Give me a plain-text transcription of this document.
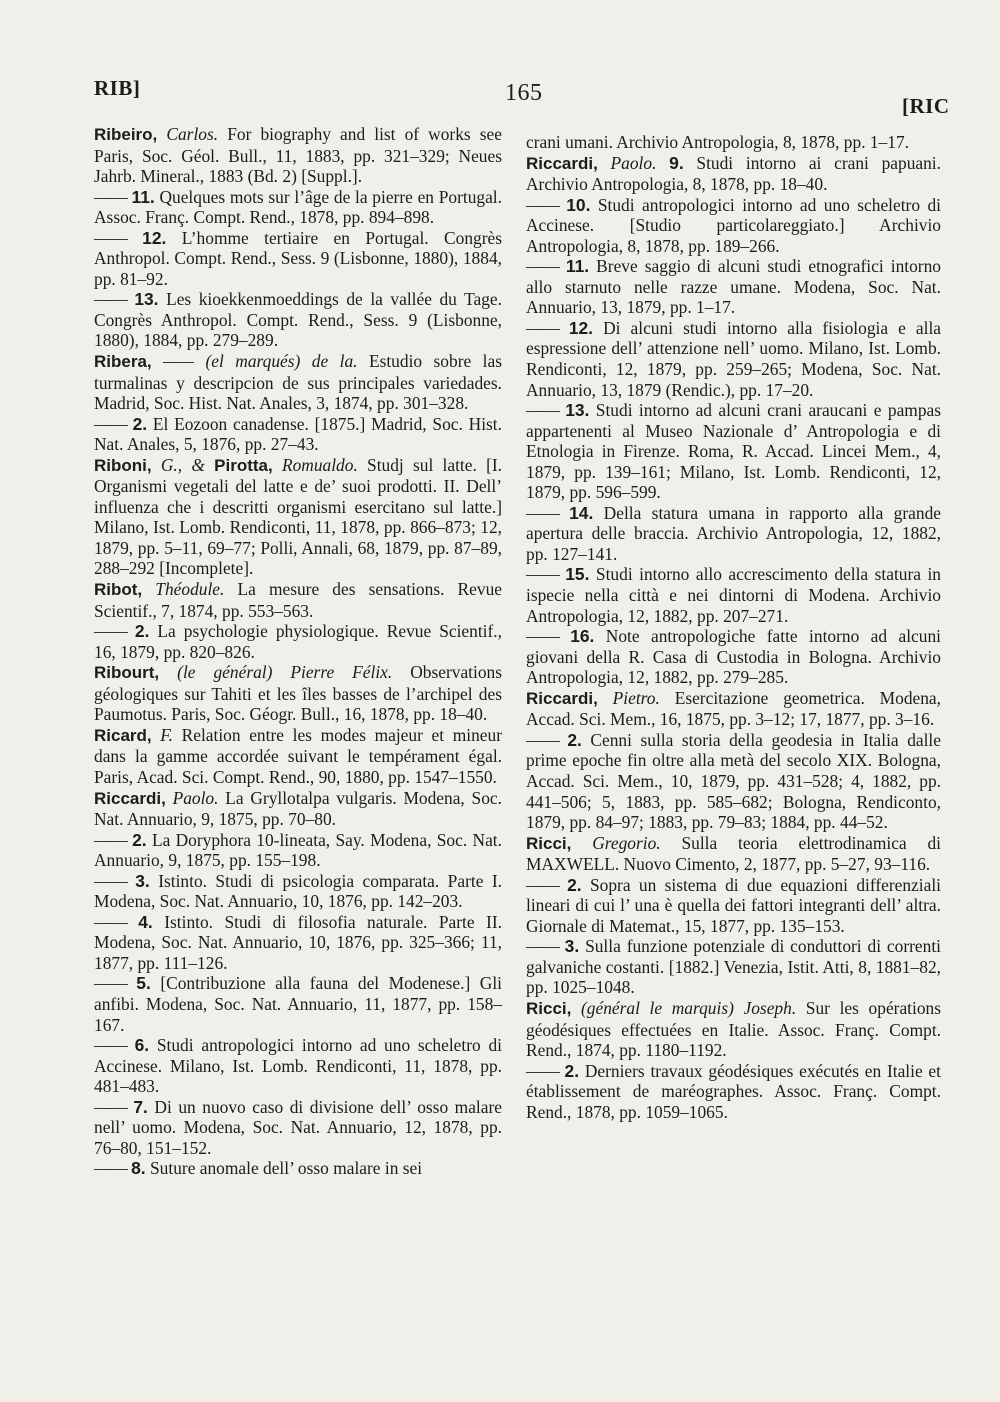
RIB]	165	[RIC

Ribeiro, Carlos. For biography and list of works see Paris, Soc. Géol. Bull., 11, 1883, pp. 321–329; Neues Jahrb. Mineral., 1883 (Bd. 2) [Suppl.].

—— 11. Quelques mots sur l’âge de la pierre en Portugal. Assoc. Franç. Compt. Rend., 1878, pp. 894–898.

—— 12. L’homme tertiaire en Portugal. Congrès Anthropol. Compt. Rend., Sess. 9 (Lisbonne, 1880), 1884, pp. 81–92.

—— 13. Les kioekkenmoeddings de la vallée du Tage. Congrès Anthropol. Compt. Rend., Sess. 9 (Lisbonne, 1880), 1884, pp. 279–289.

Ribera, —— (el marqués) de la. Estudio sobre las turmalinas y descripcion de sus principales variedades. Madrid, Soc. Hist. Nat. Anales, 3, 1874, pp. 301–328.

—— 2. El Eozoon canadense. [1875.] Madrid, Soc. Hist. Nat. Anales, 5, 1876, pp. 27–43.

Riboni, G., & Pirotta, Romualdo. Studj sul latte. [I. Organismi vegetali del latte e de’ suoi prodotti. II. Dell’ influenza che i descritti organismi esercitano sul latte.] Milano, Ist. Lomb. Rendiconti, 11, 1878, pp. 866–873; 12, 1879, pp. 5–11, 69–77; Polli, Annali, 68, 1879, pp. 87–89, 288–292 [Incomplete].

Ribot, Théodule. La mesure des sensations. Revue Scientif., 7, 1874, pp. 553–563.

—— 2. La psychologie physiologique. Revue Scientif., 16, 1879, pp. 820–826.

Ribourt, (le général) Pierre Félix. Observations géologiques sur Tahiti et les îles basses de l’archipel des Paumotus. Paris, Soc. Géogr. Bull., 16, 1878, pp. 18–40.

Ricard, F. Relation entre les modes majeur et mineur dans la gamme accordée suivant le tempérament égal. Paris, Acad. Sci. Compt. Rend., 90, 1880, pp. 1547–1550.

Riccardi, Paolo. La Gryllotalpa vulgaris. Modena, Soc. Nat. Annuario, 9, 1875, pp. 70–80.

—— 2. La Doryphora 10-lineata, Say. Modena, Soc. Nat. Annuario, 9, 1875, pp. 155–198.

—— 3. Istinto. Studi di psicologia comparata. Parte I. Modena, Soc. Nat. Annuario, 10, 1876, pp. 142–203.

—— 4. Istinto. Studi di filosofia naturale. Parte II. Modena, Soc. Nat. Annuario, 10, 1876, pp. 325–366; 11, 1877, pp. 111–126.

—— 5. [Contribuzione alla fauna del Modenese.] Gli anfibi. Modena, Soc. Nat. Annuario, 11, 1877, pp. 158–167.

—— 6. Studi antropologici intorno ad uno scheletro di Accinese. Milano, Ist. Lomb. Rendiconti, 11, 1878, pp. 481–483.

—— 7. Di un nuovo caso di divisione dell’ osso malare nell’ uomo. Modena, Soc. Nat. Annuario, 12, 1878, pp. 76–80, 151–152.

—— 8. Suture anomale dell’ osso malare in sei

crani umani. Archivio Antropologia, 8, 1878, pp. 1–17.

Riccardi, Paolo. 9. Studi intorno ai crani papuani. Archivio Antropologia, 8, 1878, pp. 18–40.

—— 10. Studi antropologici intorno ad uno scheletro di Accinese. [Studio particolareggiato.] Archivio Antropologia, 8, 1878, pp. 189–266.

—— 11. Breve saggio di alcuni studi etnografici intorno allo starnuto nelle razze umane. Modena, Soc. Nat. Annuario, 13, 1879, pp. 1–17.

—— 12. Di alcuni studi intorno alla fisiologia e alla espressione dell’ attenzione nell’ uomo. Milano, Ist. Lomb. Rendiconti, 12, 1879, pp. 259–265; Modena, Soc. Nat. Annuario, 13, 1879 (Rendic.), pp. 17–20.

—— 13. Studi intorno ad alcuni crani araucani e pampas appartenenti al Museo Nazionale d’ Antropologia e di Etnologia in Firenze. Roma, R. Accad. Lincei Mem., 4, 1879, pp. 139–161; Milano, Ist. Lomb. Rendiconti, 12, 1879, pp. 596–599.

—— 14. Della statura umana in rapporto alla grande apertura delle braccia. Archivio Antropologia, 12, 1882, pp. 127–141.

—— 15. Studi intorno allo accrescimento della statura in ispecie nella città e nei dintorni di Modena. Archivio Antropologia, 12, 1882, pp. 207–271.

—— 16. Note antropologiche fatte intorno ad alcuni giovani della R. Casa di Custodia in Bologna. Archivio Antropologia, 12, 1882, pp. 279–285.

Riccardi, Pietro. Esercitazione geometrica. Modena, Accad. Sci. Mem., 16, 1875, pp. 3–12; 17, 1877, pp. 3–16.

—— 2. Cenni sulla storia della geodesia in Italia dalle prime epoche fin oltre alla metà del secolo XIX. Bologna, Accad. Sci. Mem., 10, 1879, pp. 431–528; 4, 1882, pp. 441–506; 5, 1883, pp. 585–682; Bologna, Rendiconto, 1879, pp. 84–97; 1883, pp. 79–83; 1884, pp. 44–52.

Ricci, Gregorio. Sulla teoria elettrodinamica di MAXWELL. Nuovo Cimento, 2, 1877, pp. 5–27, 93–116.

—— 2. Sopra un sistema di due equazioni differenziali lineari di cui l’ una è quella dei fattori integranti dell’ altra. Giornale di Matemat., 15, 1877, pp. 135–153.

—— 3. Sulla funzione potenziale di conduttori di correnti galvaniche costanti. [1882.] Venezia, Istit. Atti, 8, 1881–82, pp. 1025–1048.

Ricci, (général le marquis) Joseph. Sur les opérations géodésiques effectuées en Italie. Assoc. Franç. Compt. Rend., 1874, pp. 1180–1192.

—— 2. Derniers travaux géodésiques exécutés en Italie et établissement de maréographes. Assoc. Franç. Compt. Rend., 1878, pp. 1059–1065.
